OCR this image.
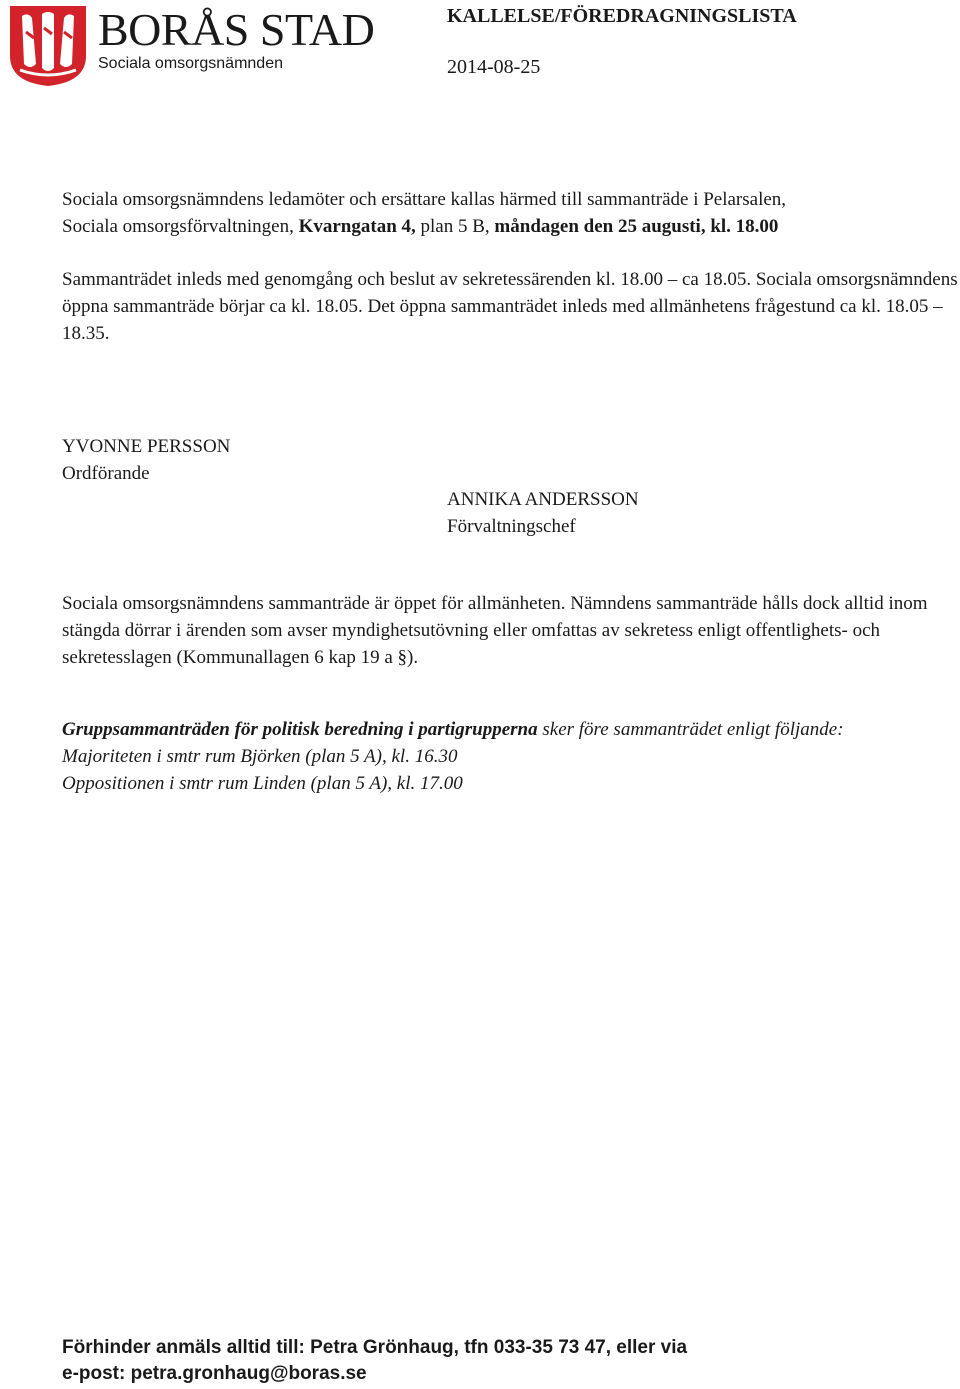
BORÅS STAD
Sociala omsorgsnämnden
KALLELSE/FÖREDRAGNINGSLISTA
2014-08-25
Sociala omsorgsnämndens ledamöter och ersättare kallas härmed till sammanträde i Pelarsalen,
Sociala omsorgsförvaltningen, Kvarngatan 4, plan 5 B, måndagen den 25 augusti, kl. 18.00

Sammanträdet inleds med genomgång och beslut av sekretessärenden kl. 18.00 – ca 18.05. Sociala omsorgsnämndens öppna sammanträde börjar ca kl. 18.05. Det öppna sammanträdet inleds med allmänhetens frågestund ca kl. 18.05 – 18.35.

YVONNE PERSSON
Ordförande
ANNIKA ANDERSSON
Förvaltningschef

Sociala omsorgsnämndens sammanträde är öppet för allmänheten. Nämndens sammanträde hålls dock alltid inom stängda dörrar i ärenden som avser myndighetsutövning eller omfattas av sekretess enligt offentlighets- och sekretesslagen (Kommunallagen 6 kap 19 a §).

Gruppsammanträden för politisk beredning i partigrupperna sker före sammanträdet enligt följande:
Majoriteten i smtr rum Björken (plan 5 A), kl. 16.30
Oppositionen i smtr rum Linden (plan 5 A), kl. 17.00
Förhinder anmäls alltid till: Petra Grönhaug, tfn 033-35 73 47, eller via
e-post: petra.gronhaug@boras.se
